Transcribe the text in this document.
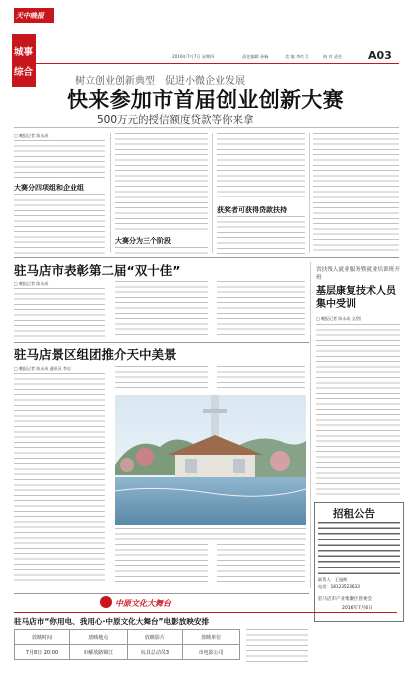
天中晚报
2016年7月7日 星期四	责任编辑 孙畅	美 编 李红卫	校 对 责任 A03
城事
综合
树立创业创新典型　促进小微企业发展
快来参加市首届创业创新大赛
500万元的授信额度贷款等你来拿
□ 晚报记者 陈永成
大赛分四项组和企业组
大赛分为三个阶段
获奖者可获得贷款扶持
驻马店市表彰第二届“双十佳”
□ 晚报记者 陈永成
驻马店景区组团推介天中美景
□ 晚报记者 陈永成 通讯员 李岩
省扶残人就业服务暨就业培训班开班
基层康复技术人员集中受训
□ 晚报记者 陈永成 文/图
招租公告
联系人：王旭辉
电话：18123523633
驻马店市产业集聚区管委会
2016年7月6日
中原文化大舞台
驻马店市“你用电、我用心·中原文化大舞台”电影放映安排
放映时间	放映地点	放映影片	放映单位
7月8日 20:00	市解放路锦江	玩具总动员3	市电影公司
